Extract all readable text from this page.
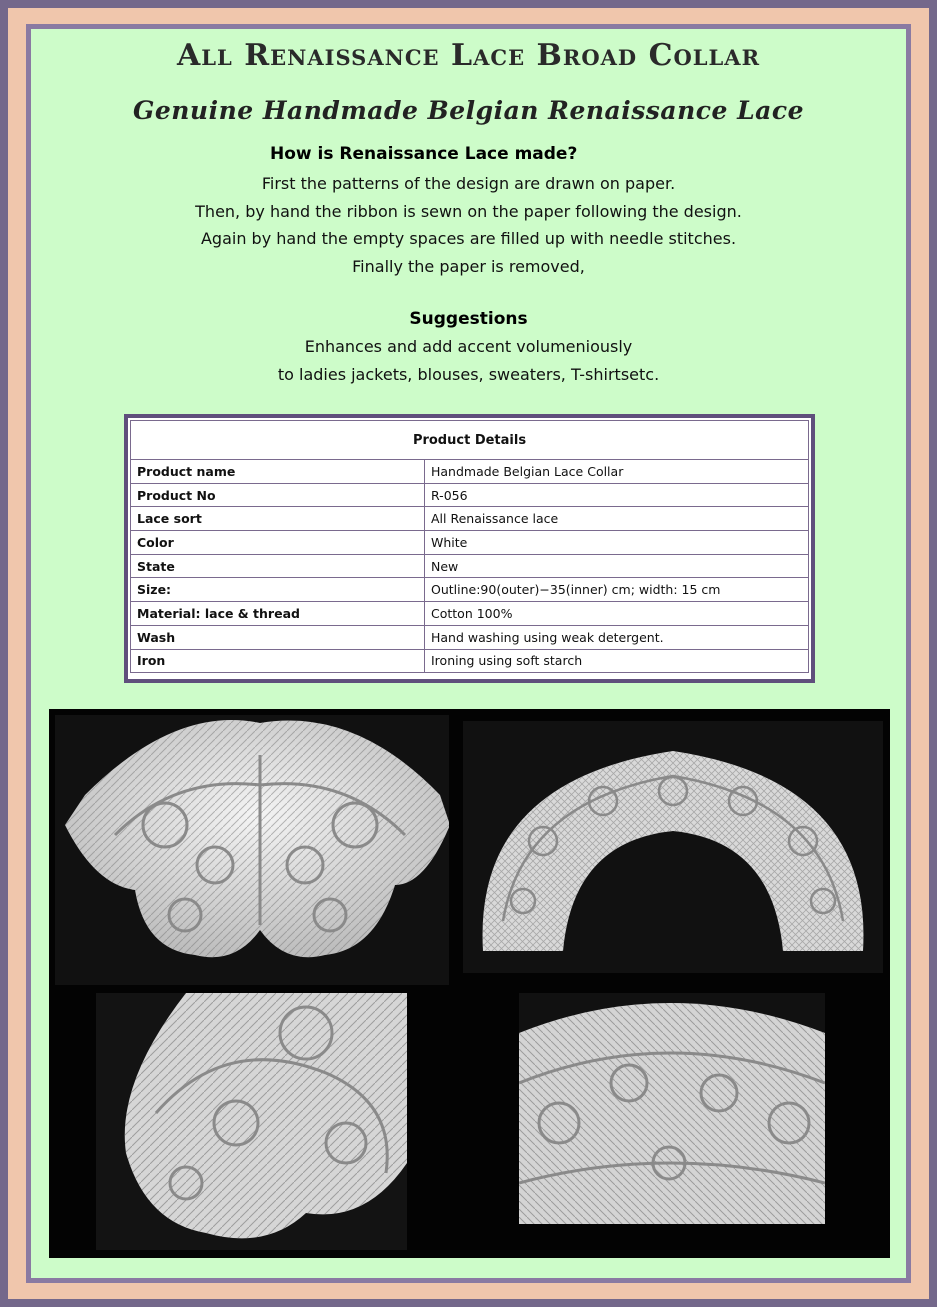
All Renaissance Lace Broad Collar
Genuine Handmade Belgian Renaissance Lace
How is Renaissance Lace made?
First the patterns of the design are drawn on paper.
Then, by hand the ribbon is sewn on the paper following the design.
Again by hand the empty spaces are filled up with needle stitches.
Finally the paper is removed,
Suggestions
Enhances and add accent volumeniously
to ladies jackets, blouses, sweaters, T-shirtsetc.
Product Details	
Product name	Handmade Belgian Lace Collar
Product No	R-056
Lace sort	All Renaissance lace
Color	White
State	New
Size:	Outline:90(outer)−35(inner) cm; width: 15 cm
Material: lace & thread	Cotton 100%
Wash	Hand washing using weak detergent.
Iron	Ironing using soft starch
